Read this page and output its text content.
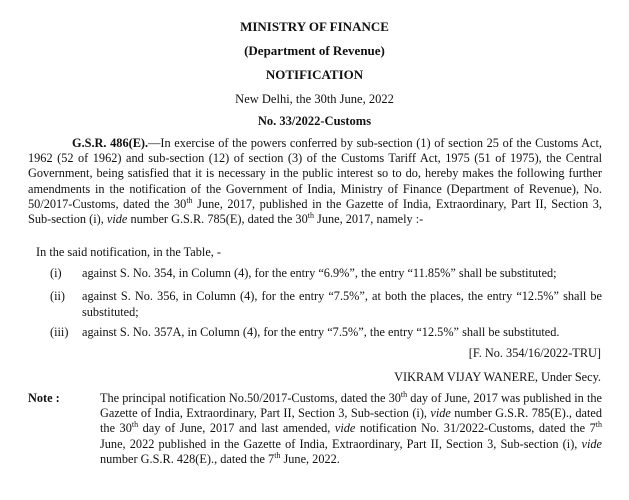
MINISTRY OF FINANCE
(Department of Revenue)
NOTIFICATION
New Delhi, the 30th June, 2022
No. 33/2022-Customs
G.S.R. 486(E).—In exercise of the powers conferred by sub-section (1) of section 25 of the Customs Act, 1962 (52 of 1962) and sub-section (12) of section (3) of the Customs Tariff Act, 1975 (51 of 1975), the Central Government, being satisfied that it is necessary in the public interest so to do, hereby makes the following further amendments in the notification of the Government of India, Ministry of Finance (Department of Revenue), No. 50/2017-Customs, dated the 30th June, 2017, published in the Gazette of India, Extraordinary, Part II, Section 3, Sub-section (i), vide number G.S.R. 785(E), dated the 30th June, 2017, namely :-
In the said notification, in the Table, -
(i)	against S. No. 354, in Column (4), for the entry “6.9%”, the entry “11.85%” shall be substituted;
(ii)	against S. No. 356, in Column (4), for the entry “7.5%”, at both the places, the entry “12.5%” shall be substituted;
(iii)	against S. No. 357A, in Column (4), for the entry “7.5%”, the entry “12.5%” shall be substituted.
[F. No. 354/16/2022-TRU]
VIKRAM VIJAY WANERE, Under Secy.
Note :	The principal notification No.50/2017-Customs, dated the 30th day of June, 2017 was published in the Gazette of India, Extraordinary, Part II, Section 3, Sub-section (i), vide number G.S.R. 785(E)., dated the 30th day of June, 2017 and last amended, vide notification No. 31/2022-Customs, dated the 7th June, 2022 published in the Gazette of India, Extraordinary, Part II, Section 3, Sub-section (i), vide number G.S.R. 428(E)., dated the 7th June, 2022.
